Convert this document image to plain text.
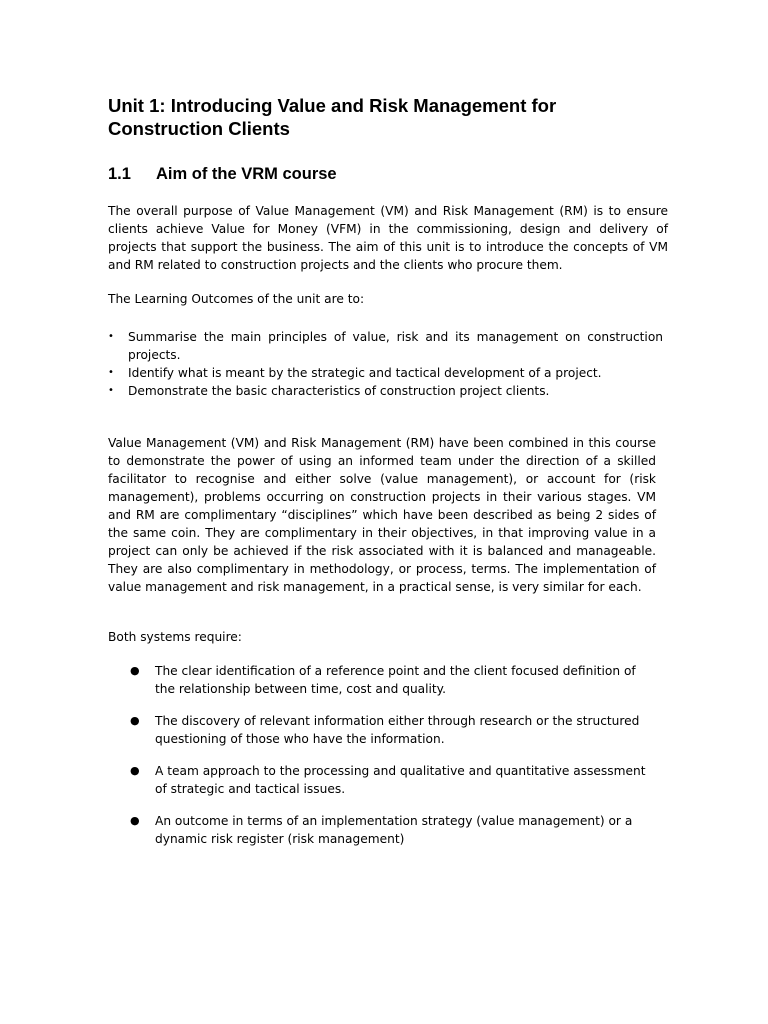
Unit 1: Introducing Value and Risk Management for Construction Clients
1.1 Aim of the VRM course

The overall purpose of Value Management (VM) and Risk Management (RM) is to ensure clients achieve Value for Money (VFM) in the commissioning, design and delivery of projects that support the business. The aim of this unit is to introduce the concepts of VM and RM related to construction projects and the clients who procure them.

The Learning Outcomes of the unit are to:

• Summarise the main principles of value, risk and its management on construction projects.
• Identify what is meant by the strategic and tactical development of a project.
• Demonstrate the basic characteristics of construction project clients.

Value Management (VM) and Risk Management (RM) have been combined in this course to demonstrate the power of using an informed team under the direction of a skilled facilitator to recognise and either solve (value management), or account for (risk management), problems occurring on construction projects in their various stages. VM and RM are complimentary “disciplines” which have been described as being 2 sides of the same coin. They are complimentary in their objectives, in that improving value in a project can only be achieved if the risk associated with it is balanced and manageable. They are also complimentary in methodology, or process, terms. The implementation of value management and risk management, in a practical sense, is very similar for each.

Both systems require:

● The clear identification of a reference point and the client focused definition of the relationship between time, cost and quality.
● The discovery of relevant information either through research or the structured questioning of those who have the information.
● A team approach to the processing and qualitative and quantitative assessment of strategic and tactical issues.
● An outcome in terms of an implementation strategy (value management) or a dynamic risk register (risk management)
